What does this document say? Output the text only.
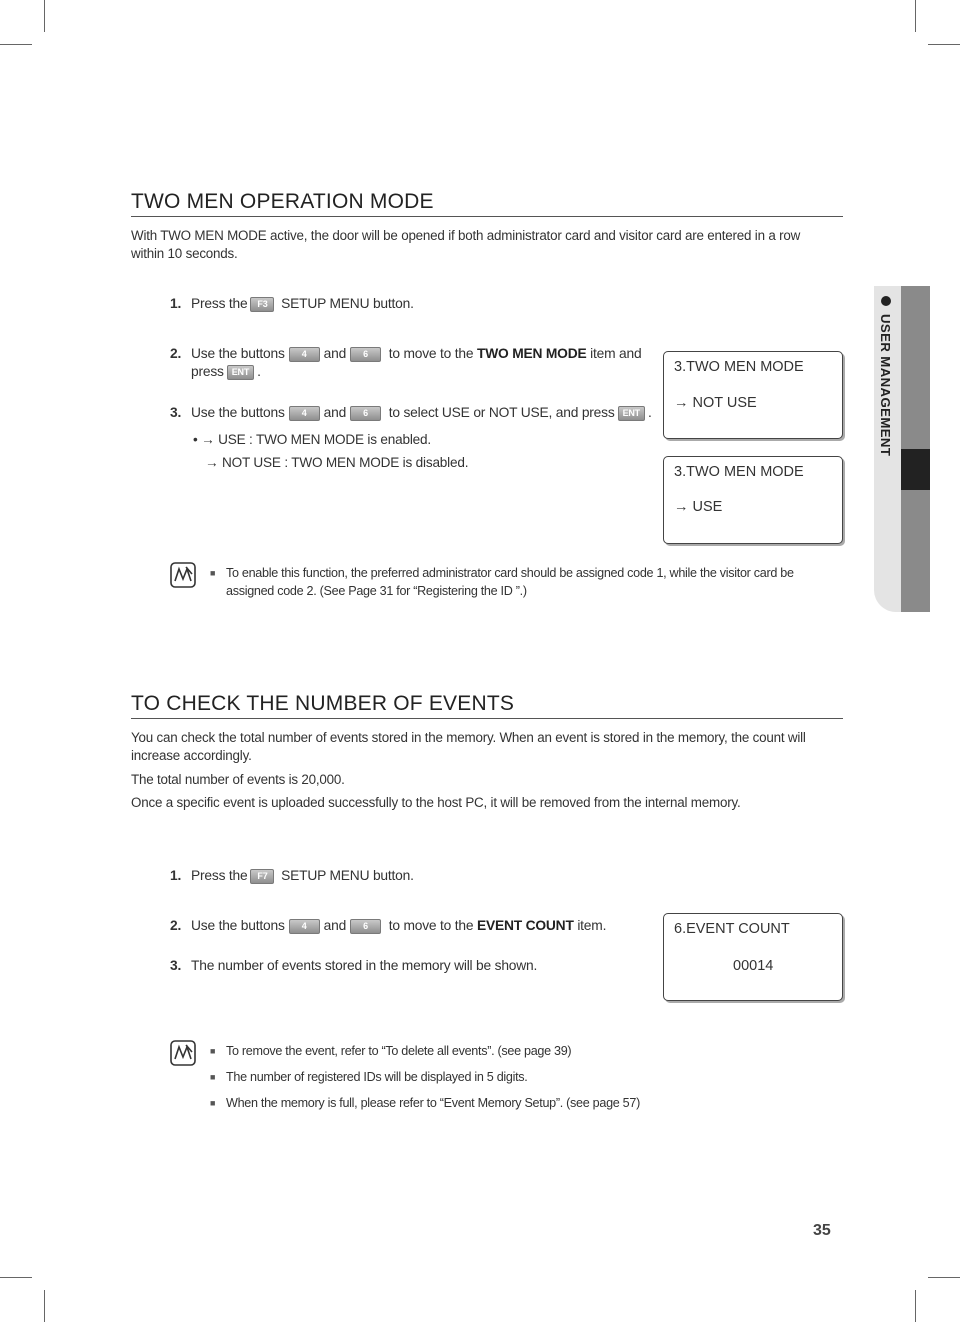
USER MANAGEMENT
TWO MEN OPERATION MODE
With TWO MEN MODE active, the door will be opened if both administrator card and visitor card are entered in a row within 10 seconds.
1. Press the F3 SETUP MENU button.
2. Use the buttons 4 and 6 to move to the TWO MEN MODE item and
press ENT .
3. Use the buttons 4 and 6 to select USE or NOT USE, and press ENT .
• → USE : TWO MEN MODE is enabled.
→ NOT USE : TWO MEN MODE is disabled.
3.TWO MEN MODE
→ NOT USE
3.TWO MEN MODE
→ USE
■ To enable this function, the preferred administrator card should be assigned code 1, while the visitor card be assigned code 2. (See Page 31 for “Registering the ID ”.)
TO CHECK THE NUMBER OF EVENTS
You can check the total number of events stored in the memory. When an event is stored in the memory, the count will increase accordingly.
The total number of events is 20,000.
Once a specific event is uploaded successfully to the host PC, it will be removed from the internal memory.
1. Press the F7 SETUP MENU button.
2. Use the buttons 4 and 6 to move to the EVENT COUNT item.
3. The number of events stored in the memory will be shown.
6.EVENT COUNT
00014
■ To remove the event, refer to “To delete all events”. (see page 39)
■ The number of registered IDs will be displayed in 5 digits.
■ When the memory is full, please refer to “Event Memory Setup”. (see page 57)
35
